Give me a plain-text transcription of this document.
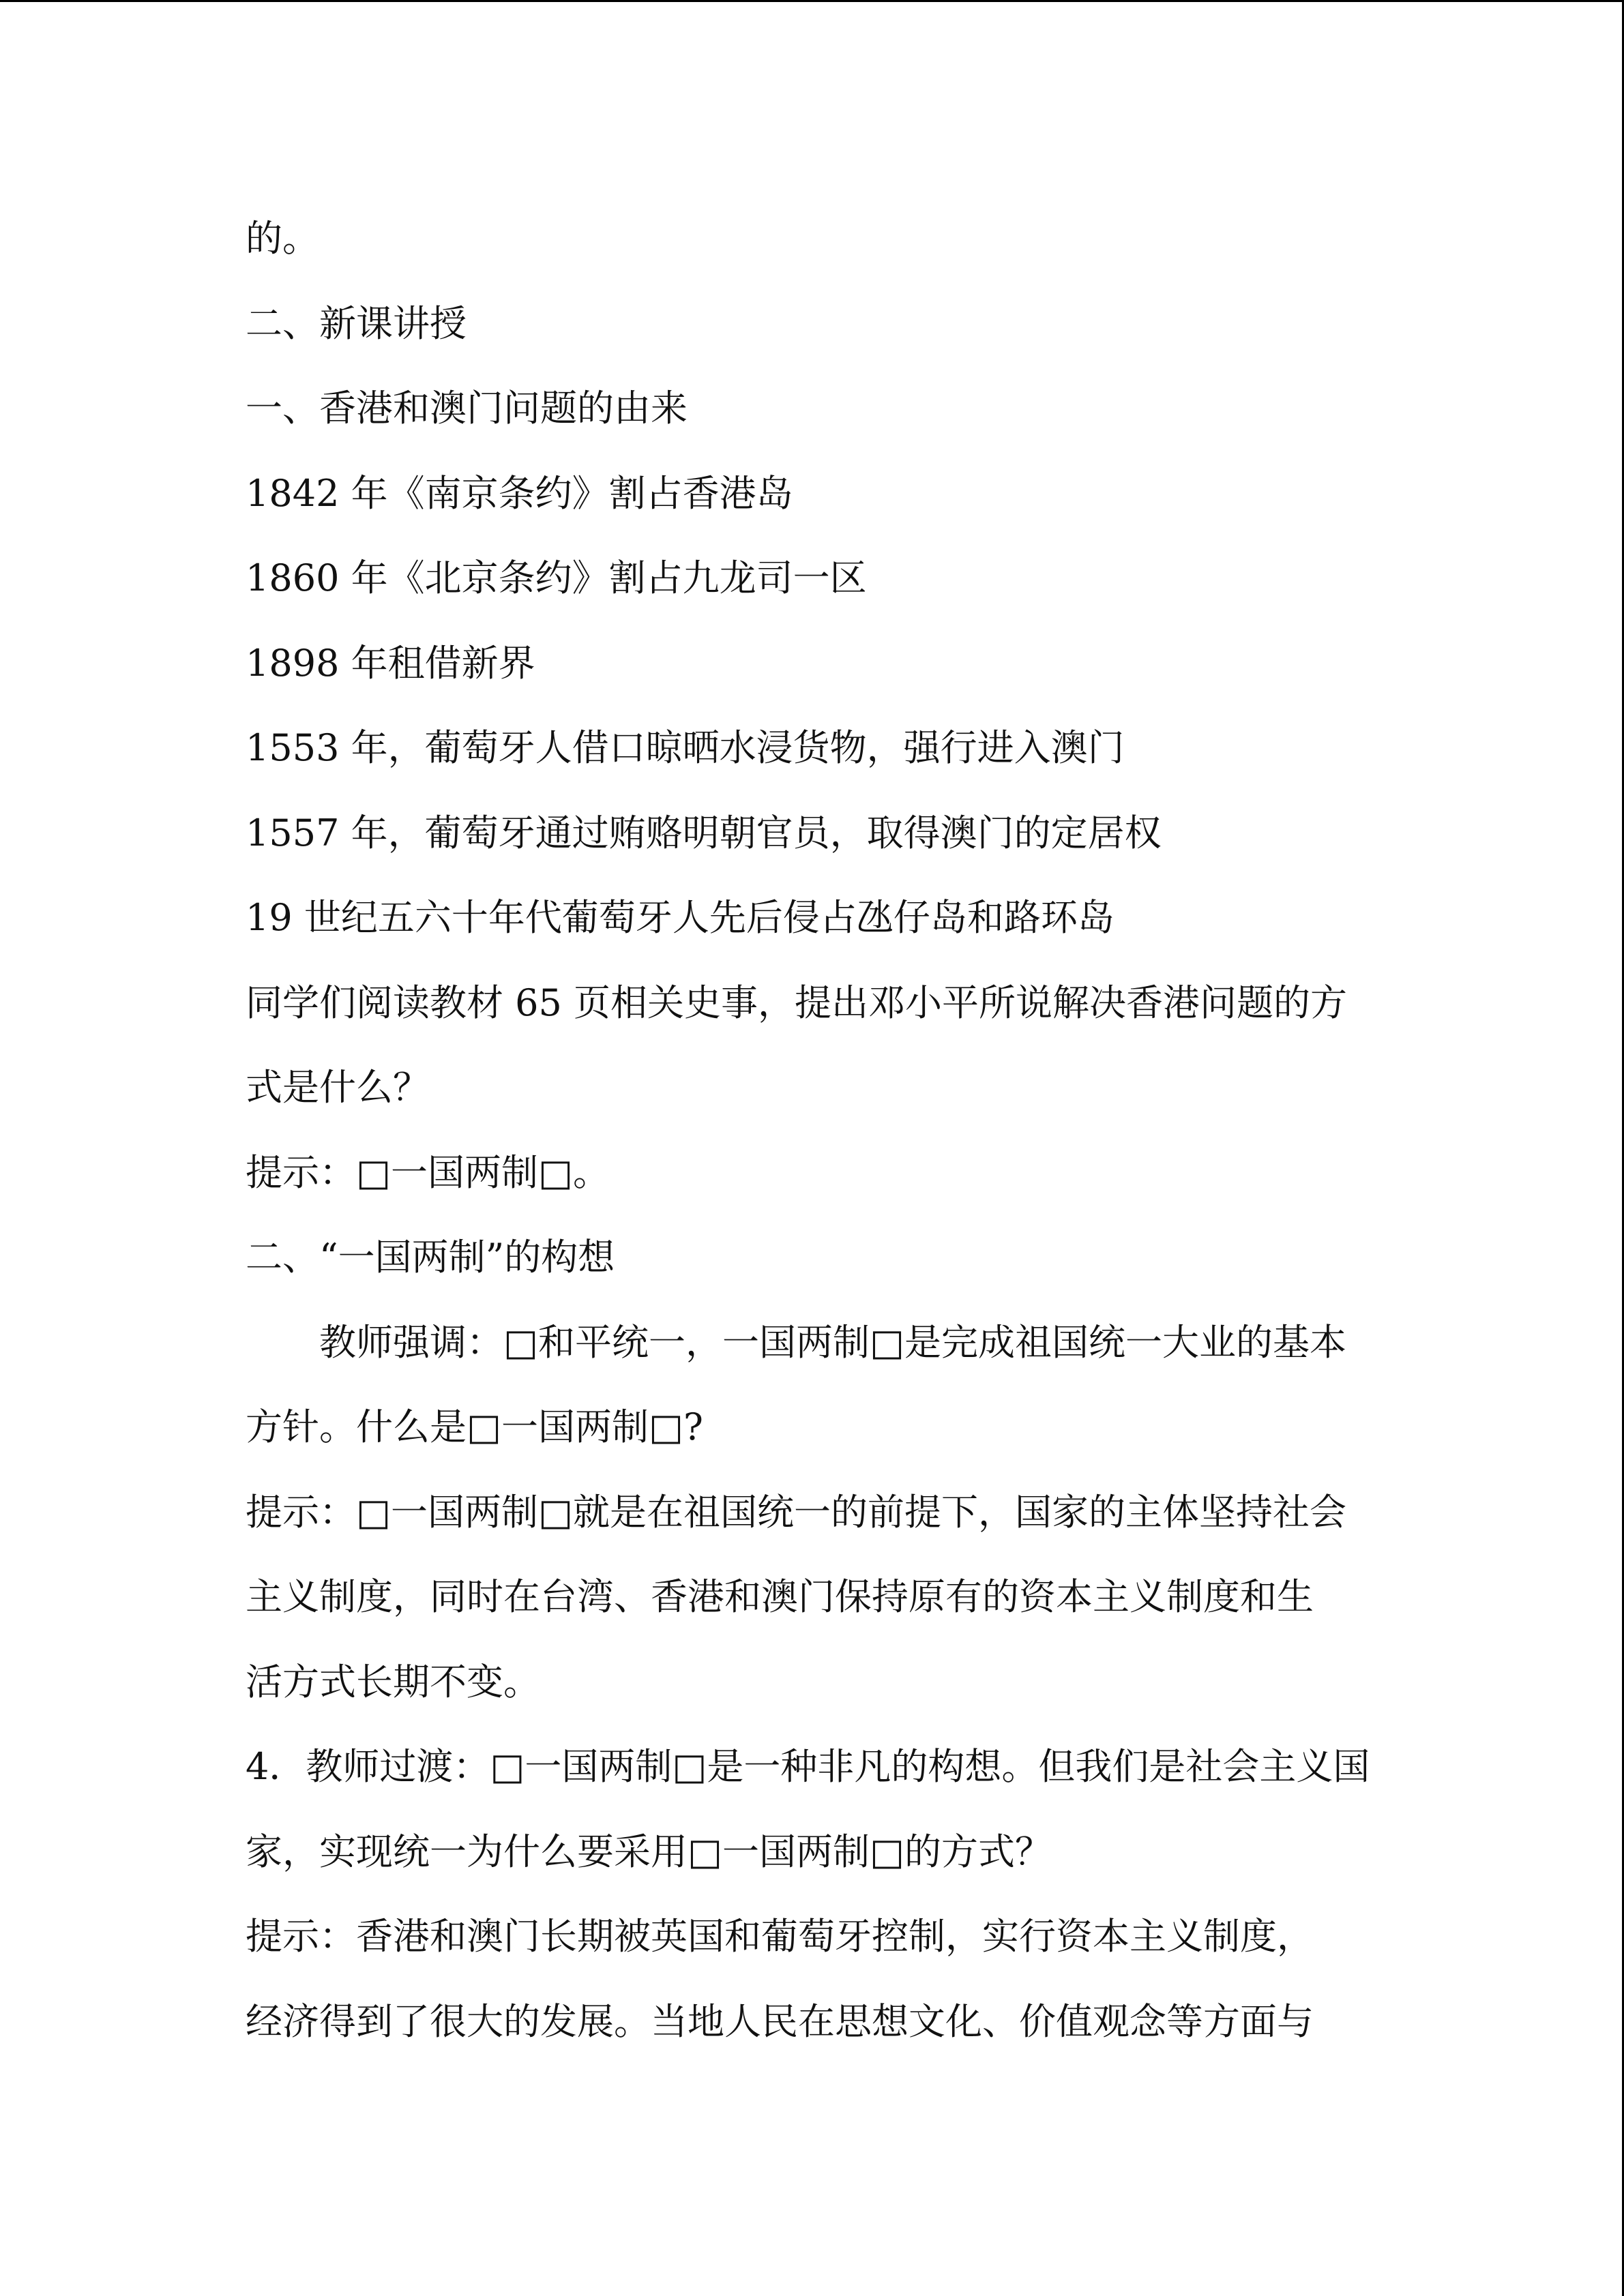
的。
二、新课讲授
一、香港和澳门问题的由来
1842 年《南京条约》割占香港岛
1860 年《北京条约》割占九龙司一区
1898 年租借新界
1553 年，葡萄牙人借口晾晒水浸货物，强行进入澳门
1557 年，葡萄牙通过贿赂明朝官员，取得澳门的定居权
19 世纪五六十年代葡萄牙人先后侵占氹仔岛和路环岛
同学们阅读教材 65 页相关史事，提出邓小平所说解决香港问题的方
式是什么？
提示：□一国两制□。
二、“一国两制”的构想
教师强调：□和平统一，一国两制□是完成祖国统一大业的基本
方针。什么是□一国两制□?
提示：□一国两制□就是在祖国统一的前提下，国家的主体坚持社会
主义制度，同时在台湾、香港和澳门保持原有的资本主义制度和生
活方式长期不变。
4．教师过渡：□一国两制□是一种非凡的构想。但我们是社会主义国
家，实现统一为什么要采用□一国两制□的方式？
提示：香港和澳门长期被英国和葡萄牙控制，实行资本主义制度，
经济得到了很大的发展。当地人民在思想文化、价值观念等方面与
